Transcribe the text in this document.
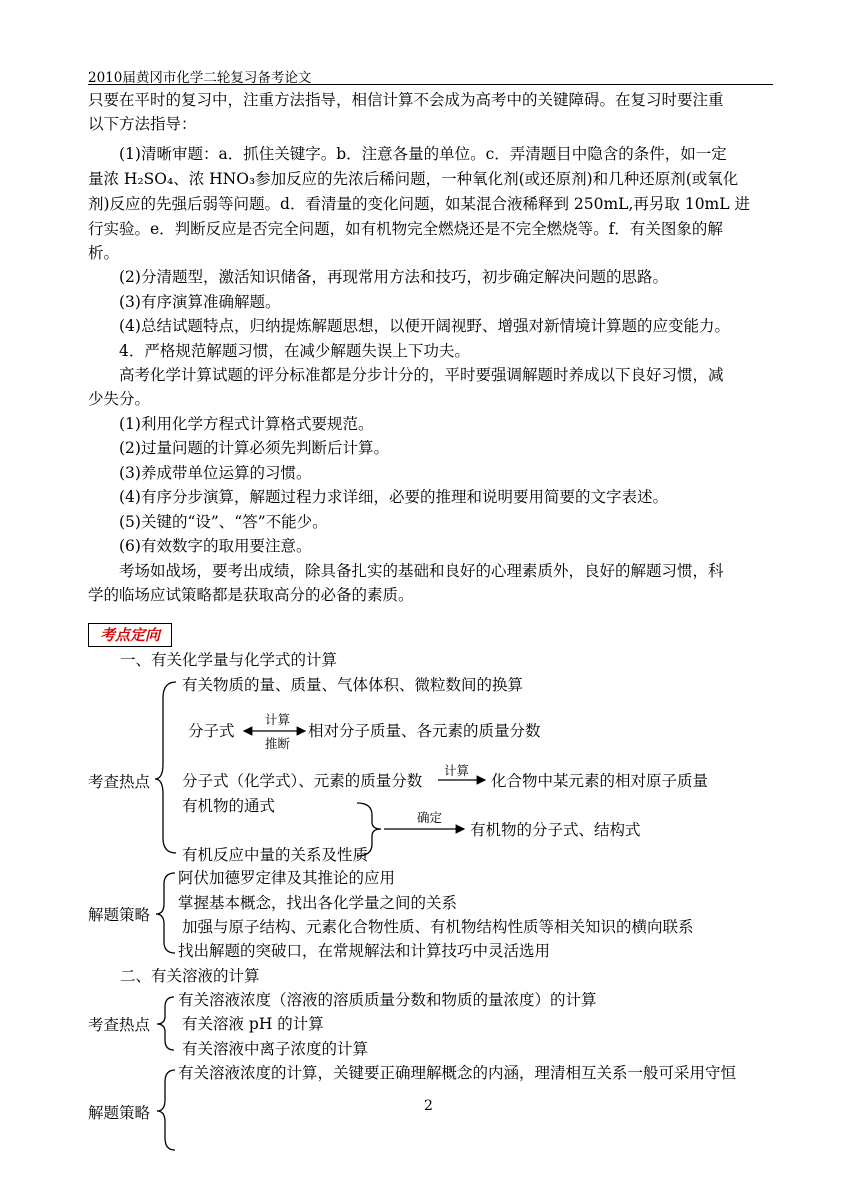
2010届黄冈市化学二轮复习备考论文
只要在平时的复习中，注重方法指导，相信计算不会成为高考中的关键障碍。在复习时要注重
以下方法指导：
(1)清晰审题：a．抓住关键字。b．注意各量的单位。c．弄清题目中隐含的条件，如一定
量浓 H₂SO₄、浓 HNO₃参加反应的先浓后稀问题，一种氧化剂(或还原剂)和几种还原剂(或氧化
剂)反应的先强后弱等问题。d．看清量的变化问题，如某混合液稀释到 250mL,再另取 10mL 进
行实验。e．判断反应是否完全问题，如有机物完全燃烧还是不完全燃烧等。f．有关图象的解
析。
(2)分清题型，激活知识储备，再现常用方法和技巧，初步确定解决问题的思路。
(3)有序演算准确解题。
(4)总结试题特点，归纳提炼解题思想，以便开阔视野、增强对新情境计算题的应变能力。
4．严格规范解题习惯，在减少解题失误上下功夫。
高考化学计算试题的评分标准都是分步计分的，平时要强调解题时养成以下良好习惯，减
少失分。
(1)利用化学方程式计算格式要规范。
(2)过量问题的计算必须先判断后计算。
(3)养成带单位运算的习惯。
(4)有序分步演算，解题过程力求详细，必要的推理和说明要用简要的文字表述。
(5)关键的“设”、“答”不能少。
(6)有效数字的取用要注意。
考场如战场，要考出成绩，除具备扎实的基础和良好的心理素质外，良好的解题习惯，科
学的临场应试策略都是获取高分的必备的素质。
考点定向
一、有关化学量与化学式的计算
考查热点
有关物质的量、质量、气体体积、微粒数间的换算
分子式
计算
推断
相对分子质量、各元素的质量分数
分子式（化学式）、元素的质量分数
计算
化合物中某元素的相对原子质量
有机物的通式
有机反应中量的关系及性质
确定
有机物的分子式、结构式
解题策略
阿伏加德罗定律及其推论的应用
掌握基本概念，找出各化学量之间的关系
加强与原子结构、元素化合物性质、有机物结构性质等相关知识的横向联系
找出解题的突破口，在常规解法和计算技巧中灵活选用
二、有关溶液的计算
考查热点
有关溶液浓度（溶液的溶质质量分数和物质的量浓度）的计算
有关溶液 pH 的计算
有关溶液中离子浓度的计算
解题策略
有关溶液浓度的计算，关键要正确理解概念的内涵，理清相互关系一般可采用守恒
2
